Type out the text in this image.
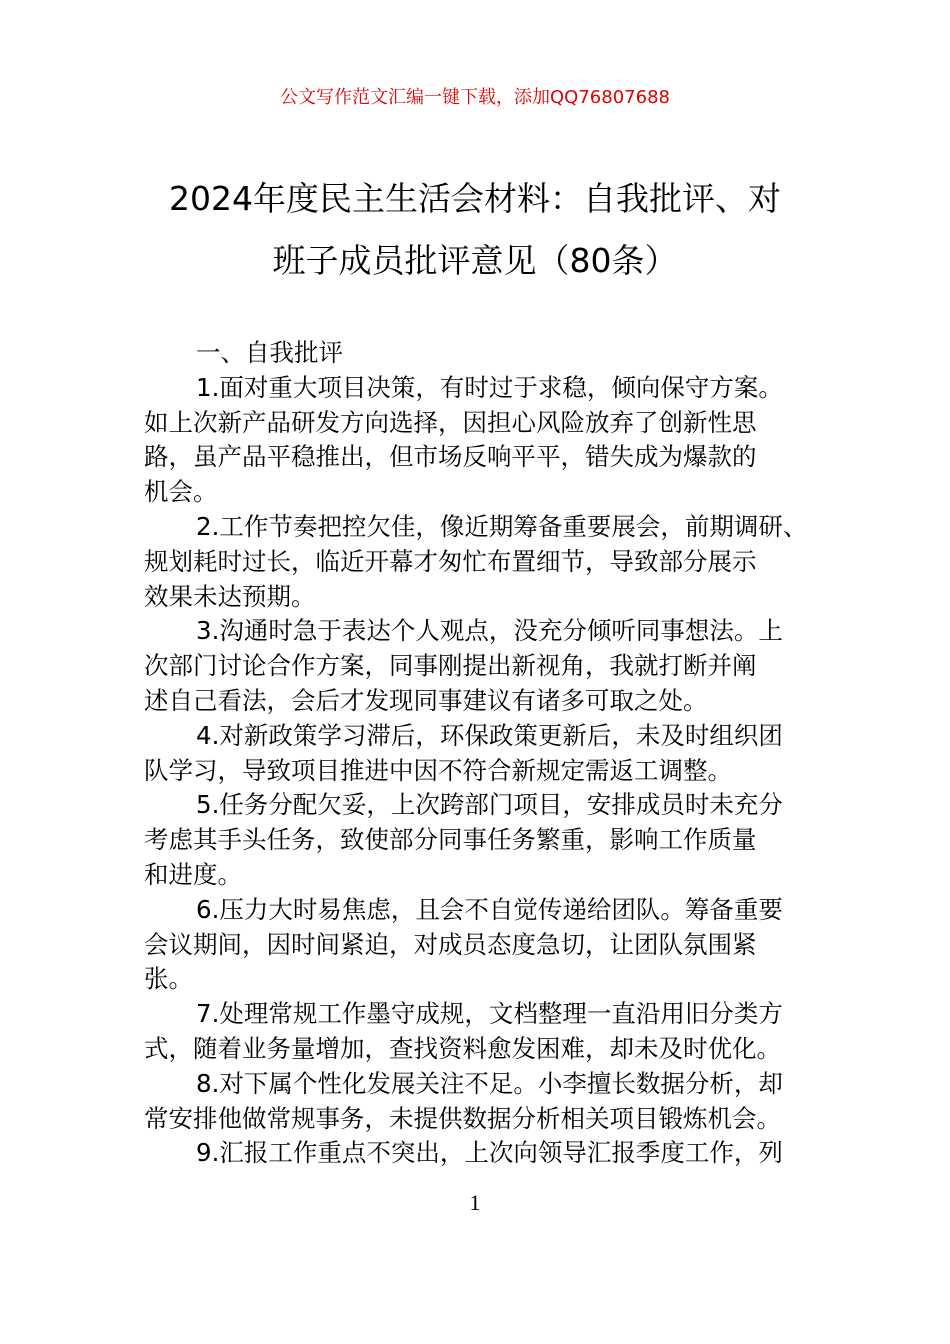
公文写作范文汇编一键下载，添加QQ76807688
2024年度民主生活会材料：自我批评、对
班子成员批评意见（80条）
一、自我批评

1.面对重大项目决策，有时过于求稳，倾向保守方案。
如上次新产品研发方向选择，因担心风险放弃了创新性思
路，虽产品平稳推出，但市场反响平平，错失成为爆款的
机会。

2.工作节奏把控欠佳，像近期筹备重要展会，前期调研、
规划耗时过长，临近开幕才匆忙布置细节，导致部分展示
效果未达预期。

3.沟通时急于表达个人观点，没充分倾听同事想法。上
次部门讨论合作方案，同事刚提出新视角，我就打断并阐
述自己看法，会后才发现同事建议有诸多可取之处。

4.对新政策学习滞后，环保政策更新后，未及时组织团
队学习，导致项目推进中因不符合新规定需返工调整。

5.任务分配欠妥，上次跨部门项目，安排成员时未充分
考虑其手头任务，致使部分同事任务繁重，影响工作质量
和进度。

6.压力大时易焦虑，且会不自觉传递给团队。筹备重要
会议期间，因时间紧迫，对成员态度急切，让团队氛围紧
张。

7.处理常规工作墨守成规，文档整理一直沿用旧分类方
式，随着业务量增加，查找资料愈发困难，却未及时优化。

8.对下属个性化发展关注不足。小李擅长数据分析，却
常安排他做常规事务，未提供数据分析相关项目锻炼机会。

9.汇报工作重点不突出，上次向领导汇报季度工作，列

1
